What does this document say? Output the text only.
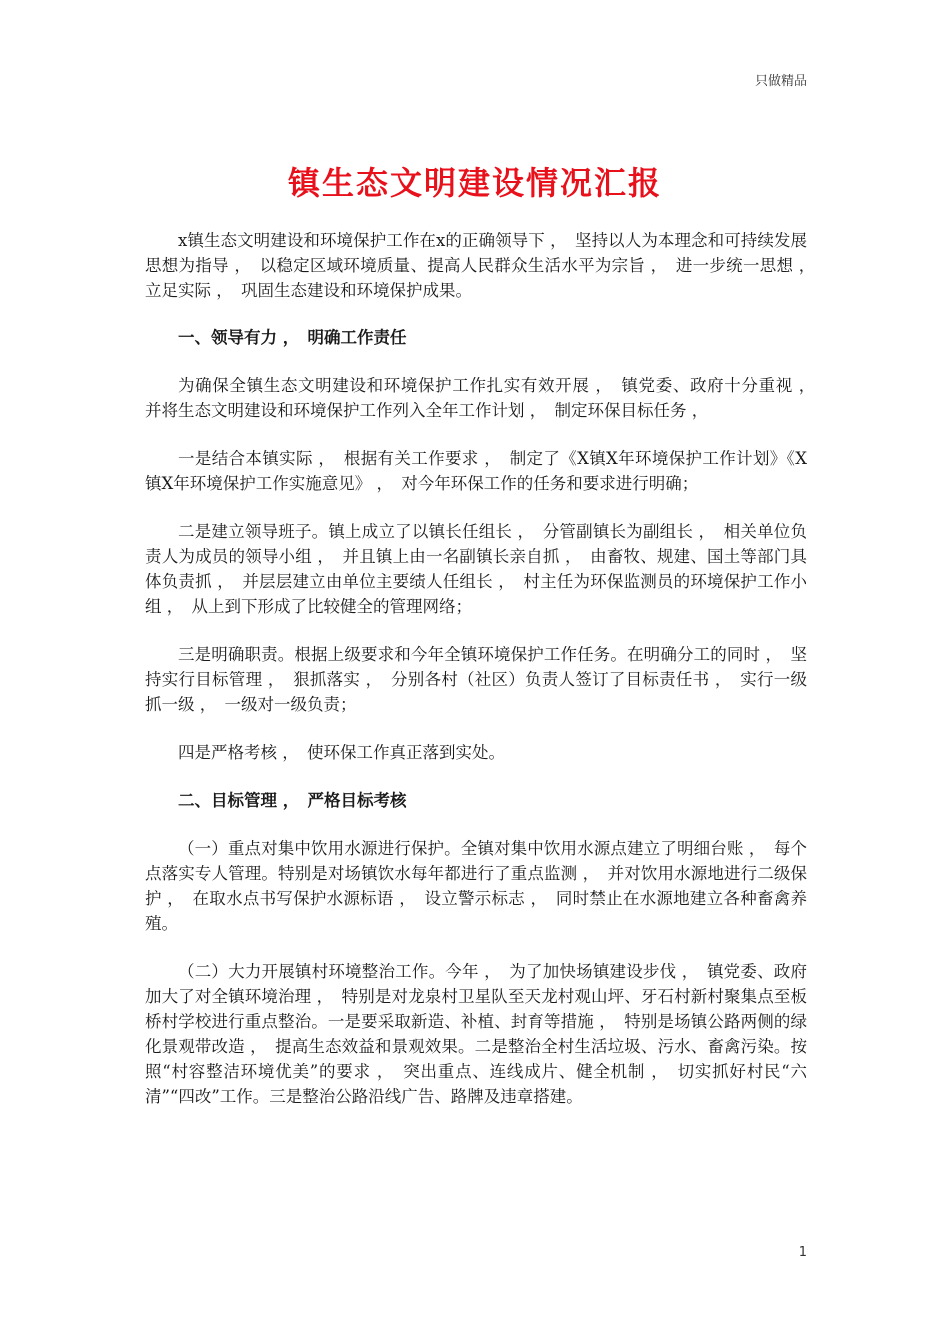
只做精品
镇生态文明建设情况汇报

x镇生态文明建设和环境保护工作在x的正确领导下 ，　坚持以人为本理念和可持续发展思想为指导 ，　以稳定区域环境质量、提高人民群众生活水平为宗旨 ，　进一步统一思想 ，　立足实际 ，　巩固生态建设和环境保护成果。

一、领导有力 ，　明确工作责任

为确保全镇生态文明建设和环境保护工作扎实有效开展 ，　镇党委、政府十分重视 ，　并将生态文明建设和环境保护工作列入全年工作计划 ，　制定环保目标任务 ，

一是结合本镇实际 ，　根据有关工作要求 ，　制定了《X镇X年环境保护工作计划》《X镇X年环境保护工作实施意见》 ，　对今年环保工作的任务和要求进行明确；

二是建立领导班子。镇上成立了以镇长任组长 ，　分管副镇长为副组长 ，　相关单位负责人为成员的领导小组 ，　并且镇上由一名副镇长亲自抓 ，　由畜牧、规建、国土等部门具体负责抓 ，　并层层建立由单位主要绩人任组长 ，　村主任为环保监测员的环境保护工作小组 ，　从上到下形成了比较健全的管理网络；

三是明确职责。根据上级要求和今年全镇环境保护工作任务。在明确分工的同时 ，　坚持实行目标管理 ，　狠抓落实 ，　分别各村（社区）负责人签订了目标责任书 ，　实行一级抓一级 ，　一级对一级负责；

四是严格考核 ，　使环保工作真正落到实处。

二、目标管理 ，　严格目标考核

（一）重点对集中饮用水源进行保护。全镇对集中饮用水源点建立了明细台账 ，　每个点落实专人管理。特别是对场镇饮水每年都进行了重点监测 ，　并对饮用水源地进行二级保护 ，　在取水点书写保护水源标语 ，　设立警示标志 ，　同时禁止在水源地建立各种畜禽养殖。

（二）大力开展镇村环境整治工作。今年 ，　为了加快场镇建设步伐 ，　镇党委、政府加大了对全镇环境治理 ，　特别是对龙泉村卫星队至天龙村观山坪、牙石村新村聚集点至板桥村学校进行重点整治。一是要采取新造、补植、封育等措施 ，　特别是场镇公路两侧的绿化景观带改造 ，　提高生态效益和景观效果。二是整治全村生活垃圾、污水、畜禽污染。按照“村容整洁环境优美”的要求 ，　突出重点、连线成片、健全机制 ，　切实抓好村民“六清”“四改”工作。三是整治公路沿线广告、路牌及违章搭建。

1
